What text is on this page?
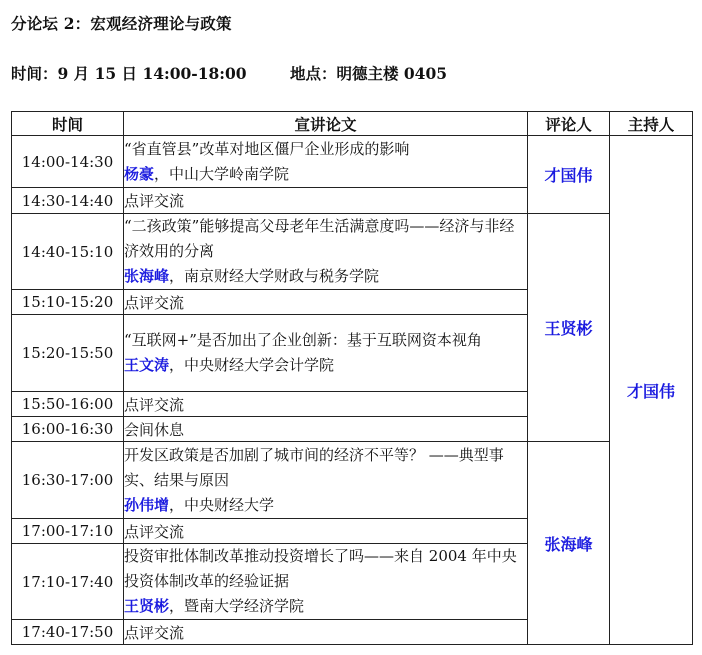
分论坛 2：宏观经济理论与政策
时间：9 月 15 日 14:00-18:00	地点：明德主楼 0405
时间	宣讲论文	评论人	主持人
14:00-14:30	“省直管县”改革对地区僵尸企业形成的影响
杨豪，中山大学岭南学院	才国伟	才国伟
14:30-14:40	点评交流		
14:40-15:10	“二孩政策”能够提高父母老年生活满意度吗——经济与非经济效用的分离
张海峰，南京财经大学财政与税务学院	王贤彬	
15:10-15:20	点评交流		
15:20-15:50	“互联网+”是否加出了企业创新：基于互联网资本视角
王文涛，中央财经大学会计学院		

15:50-16:00	点评交流		
16:00-16:30	会间休息		
16:30-17:00	开发区政策是否加剧了城市间的经济不平等？ ——典型事实、结果与原因
孙伟增，中央财经大学	张海峰	
17:00-17:10	点评交流		
17:10-17:40	投资审批体制改革推动投资增长了吗——来自 2004 年中央投资体制改革的经验证据
王贤彬，暨南大学经济学院		

17:40-17:50	点评交流		
